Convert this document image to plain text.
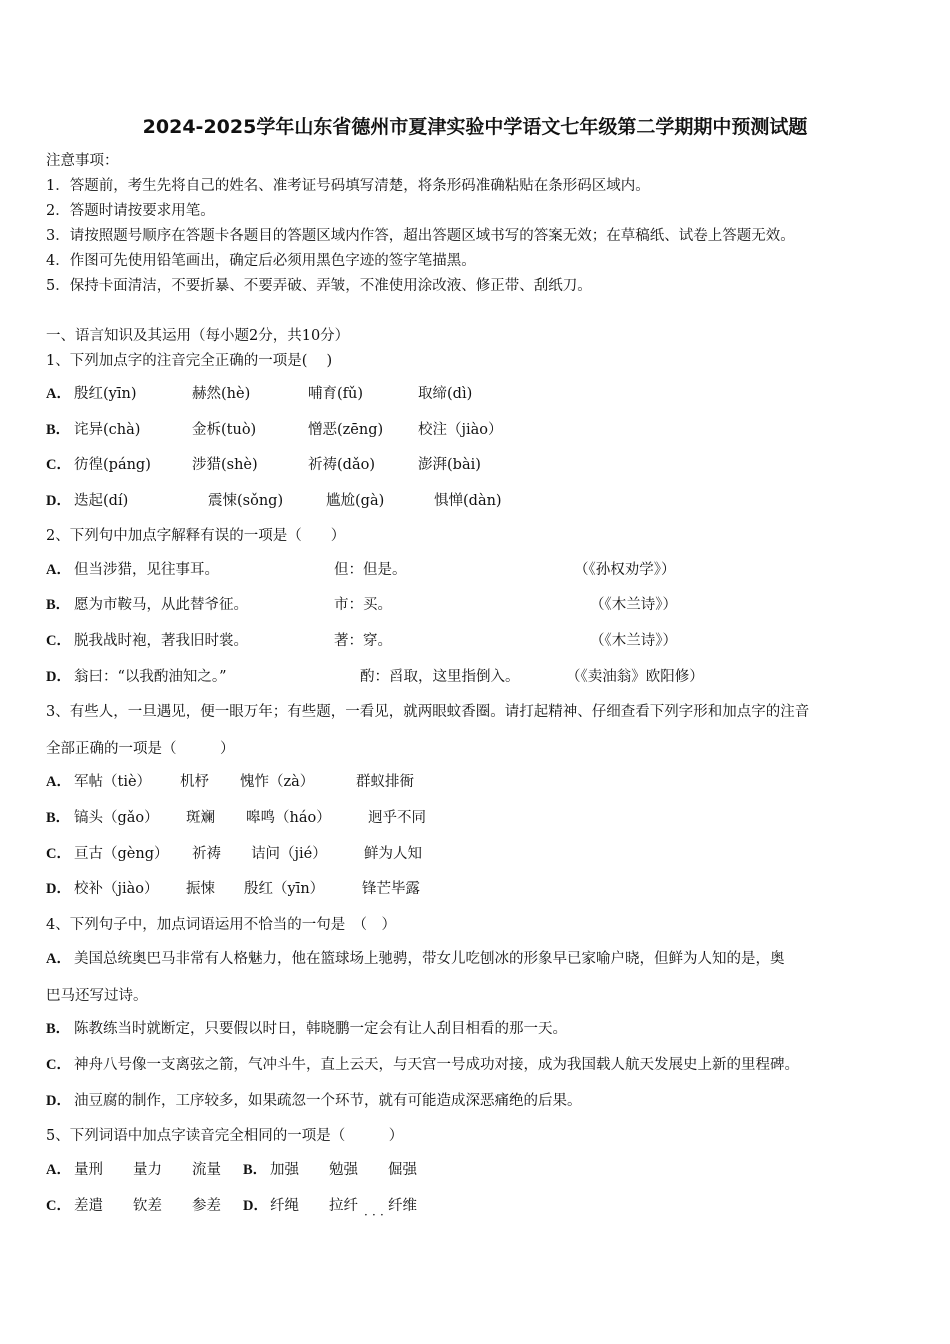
2024-2025学年山东省德州市夏津实验中学语文七年级第二学期期中预测试题
注意事项：
1．答题前，考生先将自己的姓名、准考证号码填写清楚，将条形码准确粘贴在条形码区域内。
2．答题时请按要求用笔。
3．请按照题号顺序在答题卡各题目的答题区域内作答，超出答题区域书写的答案无效；在草稿纸、试卷上答题无效。
4．作图可先使用铅笔画出，确定后必须用黑色字迹的签字笔描黑。
5．保持卡面清洁，不要折暴、不要弄破、弄皱，不准使用涂改液、修正带、刮纸刀。
一、语言知识及其运用（每小题2分，共10分）
1、下列加点字的注音完全正确的一项是(　 )
A． 殷红(yīn)	赫然(hè)	哺育(fǔ)	取缔(dì)
B． 诧异(chà)	金柝(tuò)	憎恶(zēng) 校注（jiào）
C． 彷徨(páng)	涉猎(shè)	祈祷(dǎo)	澎湃(bài)
D． 迭起(dí)	震悚(sǒng)	尴尬(gà)	惧惮(dàn)
2、下列句中加点字解释有误的一项是（　　）
A． 但当涉猎，见往事耳。	但：但是。	（《孙权劝学》）
B． 愿为市鞍马，从此替爷征。	市：买。	（《木兰诗》）
C． 脱我战时袍，著我旧时裳。	著：穿。	（《木兰诗》）
D． 翁曰：“以我酌油知之。”	酌：舀取，这里指倒入。	（《卖油翁》欧阳修）
3、有些人，一旦遇见，便一眼万年；有些题，一看见，就两眼蚊香圈。请打起精神、仔细查看下列字形和加点字的注音
全部正确的一项是（　　　）
A． 军帖（tiè） 机杼 愧怍（zà）	群蚁排衙
B． 镐头（gǎo） 斑斓 嗥鸣（háo）	迥乎不同
C． 亘古（gèng） 祈祷 诘问（jié）	鲜为人知
D． 校补（jiào） 振悚 殷红（yīn）	锋芒毕露
4、下列句子中，加点词语运用不恰当的一句是　（　）
A． 美国总统奥巴马非常有人格魅力，他在篮球场上驰骋，带女儿吃刨冰的形象早已家喻户晓，但鲜为人知的是，奥
巴马还写过诗。
B． 陈教练当时就断定，只要假以时日，韩晓鹏一定会有让人刮目相看的那一天。
C． 神舟八号像一支离弦之箭，气冲斗牛，直上云天，与天宫一号成功对接，成为我国载人航天发展史上新的里程碑。
D． 油豆腐的制作，工序较多，如果疏忽一个环节，就有可能造成深恶痛绝的后果。
5、下列词语中加点字读音完全相同的一项是（　　　）
A． 量刑 量力 流量 B． 加强 勉强 倔强
C． 差遣 钦差 参差 D． 纤绳 拉纤 纤维
· · ·
